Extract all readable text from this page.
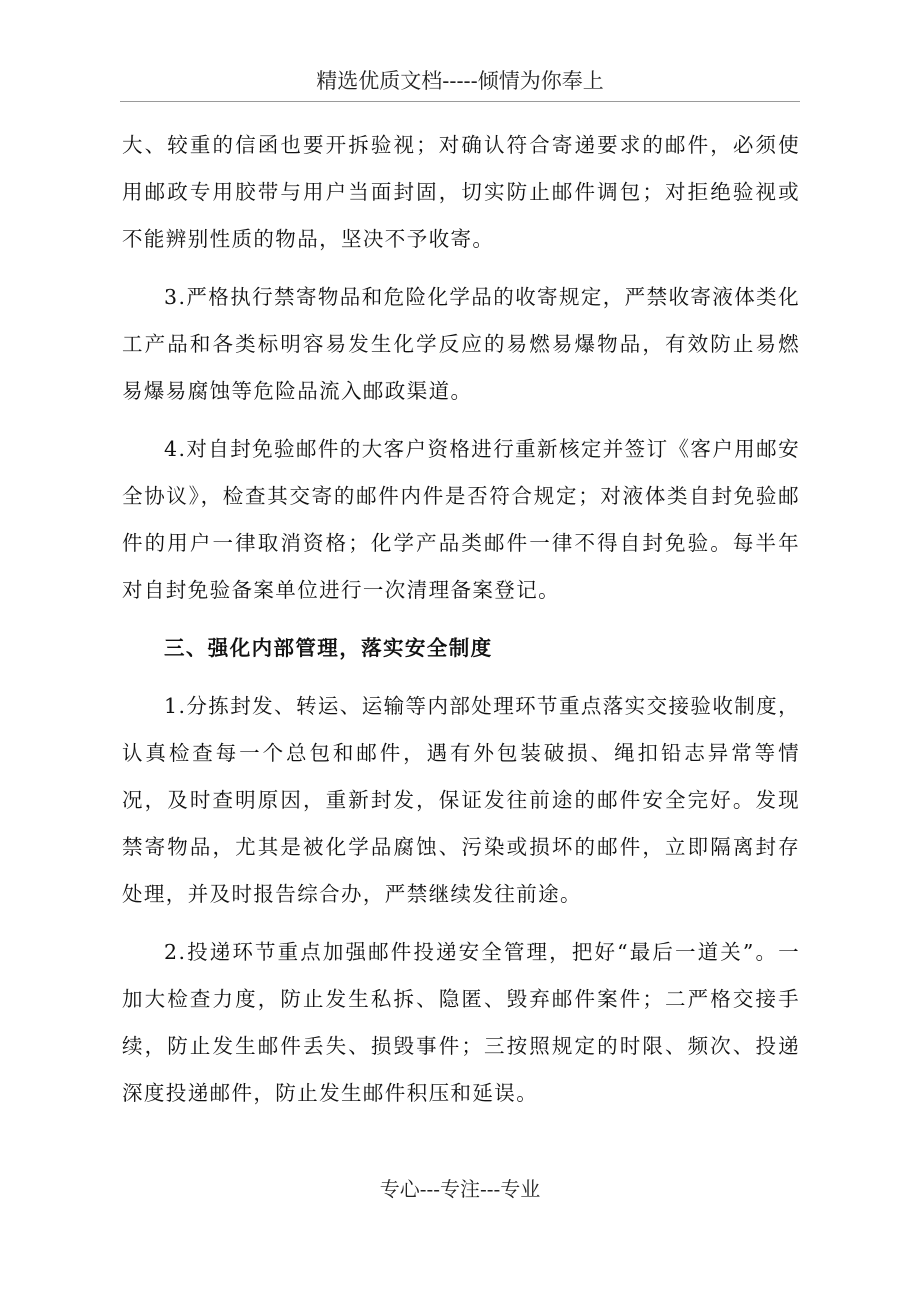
精选优质文档-----倾情为你奉上

大、较重的信函也要开拆验视；对确认符合寄递要求的邮件，必须使用邮政专用胶带与用户当面封固，切实防止邮件调包；对拒绝验视或不能辨别性质的物品，坚决不予收寄。

3.严格执行禁寄物品和危险化学品的收寄规定，严禁收寄液体类化工产品和各类标明容易发生化学反应的易燃易爆物品，有效防止易燃易爆易腐蚀等危险品流入邮政渠道。

4.对自封免验邮件的大客户资格进行重新核定并签订《客户用邮安全协议》，检查其交寄的邮件内件是否符合规定；对液体类自封免验邮件的用户一律取消资格；化学产品类邮件一律不得自封免验。每半年对自封免验备案单位进行一次清理备案登记。

三、强化内部管理，落实安全制度

1.分拣封发、转运、运输等内部处理环节重点落实交接验收制度，认真检查每一个总包和邮件，遇有外包装破损、绳扣铅志异常等情况，及时查明原因，重新封发，保证发往前途的邮件安全完好。发现禁寄物品，尤其是被化学品腐蚀、污染或损坏的邮件，立即隔离封存处理，并及时报告综合办，严禁继续发往前途。

2.投递环节重点加强邮件投递安全管理，把好“最后一道关”。一加大检查力度，防止发生私拆、隐匿、毁弃邮件案件；二严格交接手续，防止发生邮件丢失、损毁事件；三按照规定的时限、频次、投递深度投递邮件，防止发生邮件积压和延误。

专心---专注---专业
